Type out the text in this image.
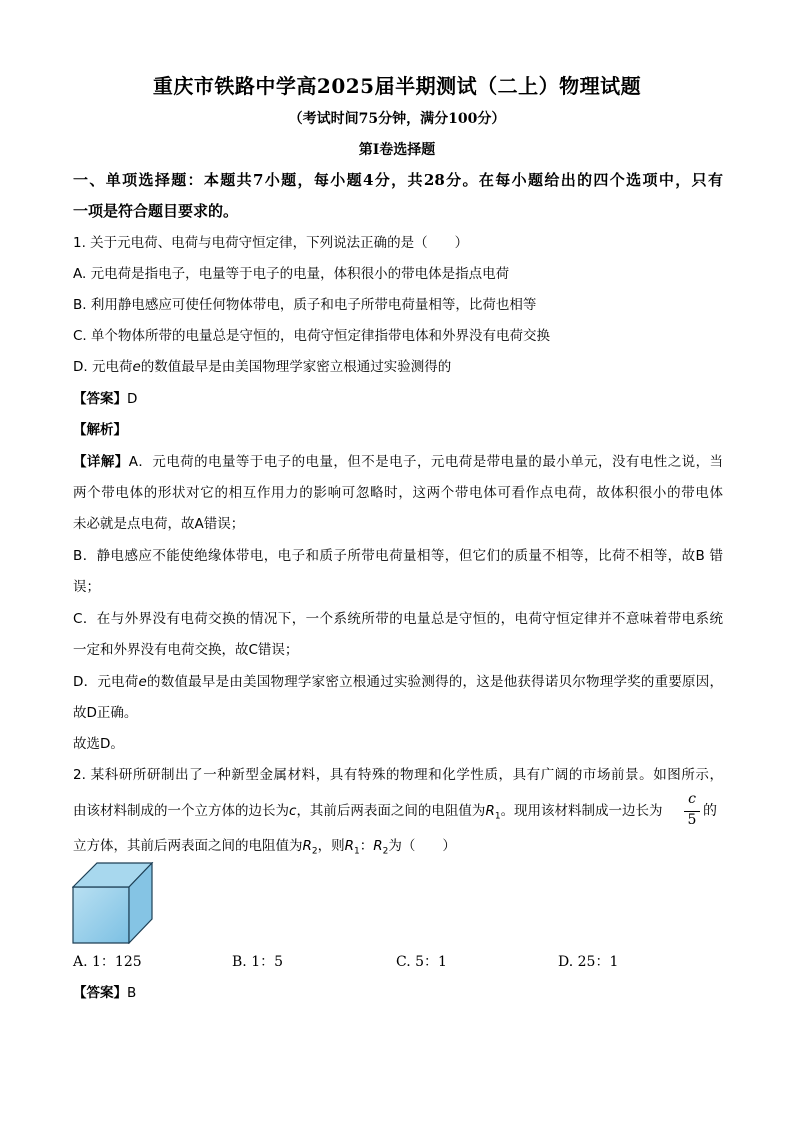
重庆市铁路中学高2025届半期测试（二上）物理试题
（考试时间75分钟，满分100分）
第I卷选择题
一、单项选择题：本题共7小题，每小题4分，共28分。在每小题给出的四个选项中，只有
一项是符合题目要求的。
1. 关于元电荷、电荷与电荷守恒定律，下列说法正确的是（　　）
A. 元电荷是指电子，电量等于电子的电量，体积很小的带电体是指点电荷
B. 利用静电感应可使任何物体带电，质子和电子所带电荷量相等，比荷也相等
C. 单个物体所带的电量总是守恒的，电荷守恒定律指带电体和外界没有电荷交换
D. 元电荷e的数值最早是由美国物理学家密立根通过实验测得的
【答案】D
【解析】
【详解】A．元电荷的电量等于电子的电量，但不是电子，元电荷是带电量的最小单元，没有电性之说，当
两个带电体的形状对它的相互作用力的影响可忽略时，这两个带电体可看作点电荷，故体积很小的带电体
未必就是点电荷，故A错误；
B．静电感应不能使绝缘体带电，电子和质子所带电荷量相等，但它们的质量不相等，比荷不相等，故B 错
误；
C．在与外界没有电荷交换的情况下，一个系统所带的电量总是守恒的，电荷守恒定律并不意味着带电系统
一定和外界没有电荷交换，故C错误；
D．元电荷e的数值最早是由美国物理学家密立根通过实验测得的，这是他获得诺贝尔物理学奖的重要原因，
故D正确。
故选D。
2. 某科研所研制出了一种新型金属材料，具有特殊的物理和化学性质，具有广阔的市场前景。如图所示，
由该材料制成的一个立方体的边长为c，其前后两表面之间的电阻值为$R_1$。现用该材料制成一边长为
c
5
的
立方体，其前后两表面之间的电阻值为$R_2$，则$R_1$：$R_2$为（　　）
A. 1：125	B. 1：5	C. 5：1	D. 25：1
【答案】B
